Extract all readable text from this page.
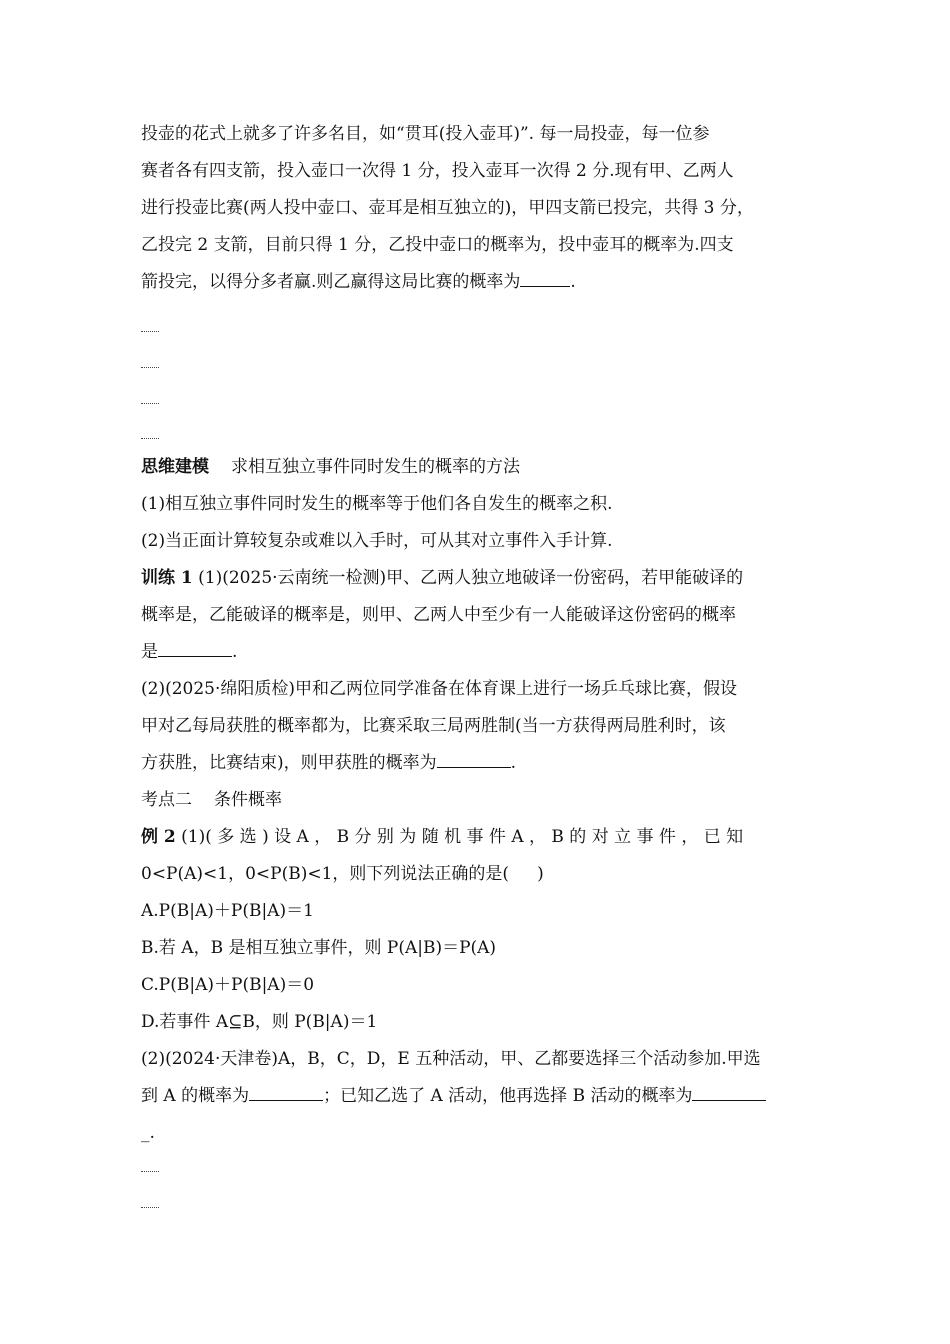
投壶的花式上就多了许多名目，如“贯耳(投入壶耳)”. 每一局投壶，每一位参
赛者各有四支箭，投入壶口一次得 1 分，投入壶耳一次得 2 分.现有甲、乙两人
进行投壶比赛(两人投中壶口、壶耳是相互独立的)，甲四支箭已投完，共得 3 分，
乙投完 2 支箭，目前只得 1 分，乙投中壶口的概率为，投中壶耳的概率为.四支
箭投完，以得分多者赢.则乙赢得这局比赛的概率为	.
思维建模 求相互独立事件同时发生的概率的方法
(1)相互独立事件同时发生的概率等于他们各自发生的概率之积.
(2)当正面计算较复杂或难以入手时，可从其对立事件入手计算.
训练 1 (1)(2025·云南统一检测)甲、乙两人独立地破译一份密码，若甲能破译的
概率是，乙能破译的概率是，则甲、乙两人中至少有一人能破译这份密码的概率
是	.
(2)(2025·绵阳质检)甲和乙两位同学准备在体育课上进行一场乒乓球比赛，假设
甲对乙每局获胜的概率都为，比赛采取三局两胜制(当一方获得两局胜利时，该
方获胜，比赛结束)，则甲获胜的概率为	.
考点二 条件概率
例 2 (1)( 多 选 ) 设 A ， B 分 别 为 随 机 事 件 A ， B 的 对 立 事 件 ， 已 知
0<P(A)<1，0<P(B)<1，则下列说法正确的是( )
A.P(B|A)＋P(B|A)＝1
B.若 A，B 是相互独立事件，则 P(A|B)＝P(A)
C.P(B|A)＋P(B|A)＝0
D.若事件 A⊆B，则 P(B|A)＝1
(2)(2024·天津卷)A，B，C，D，E 五种活动，甲、乙都要选择三个活动参加.甲选
到 A 的概率为	；已知乙选了 A 活动，他再选择 B 活动的概率为
_.
